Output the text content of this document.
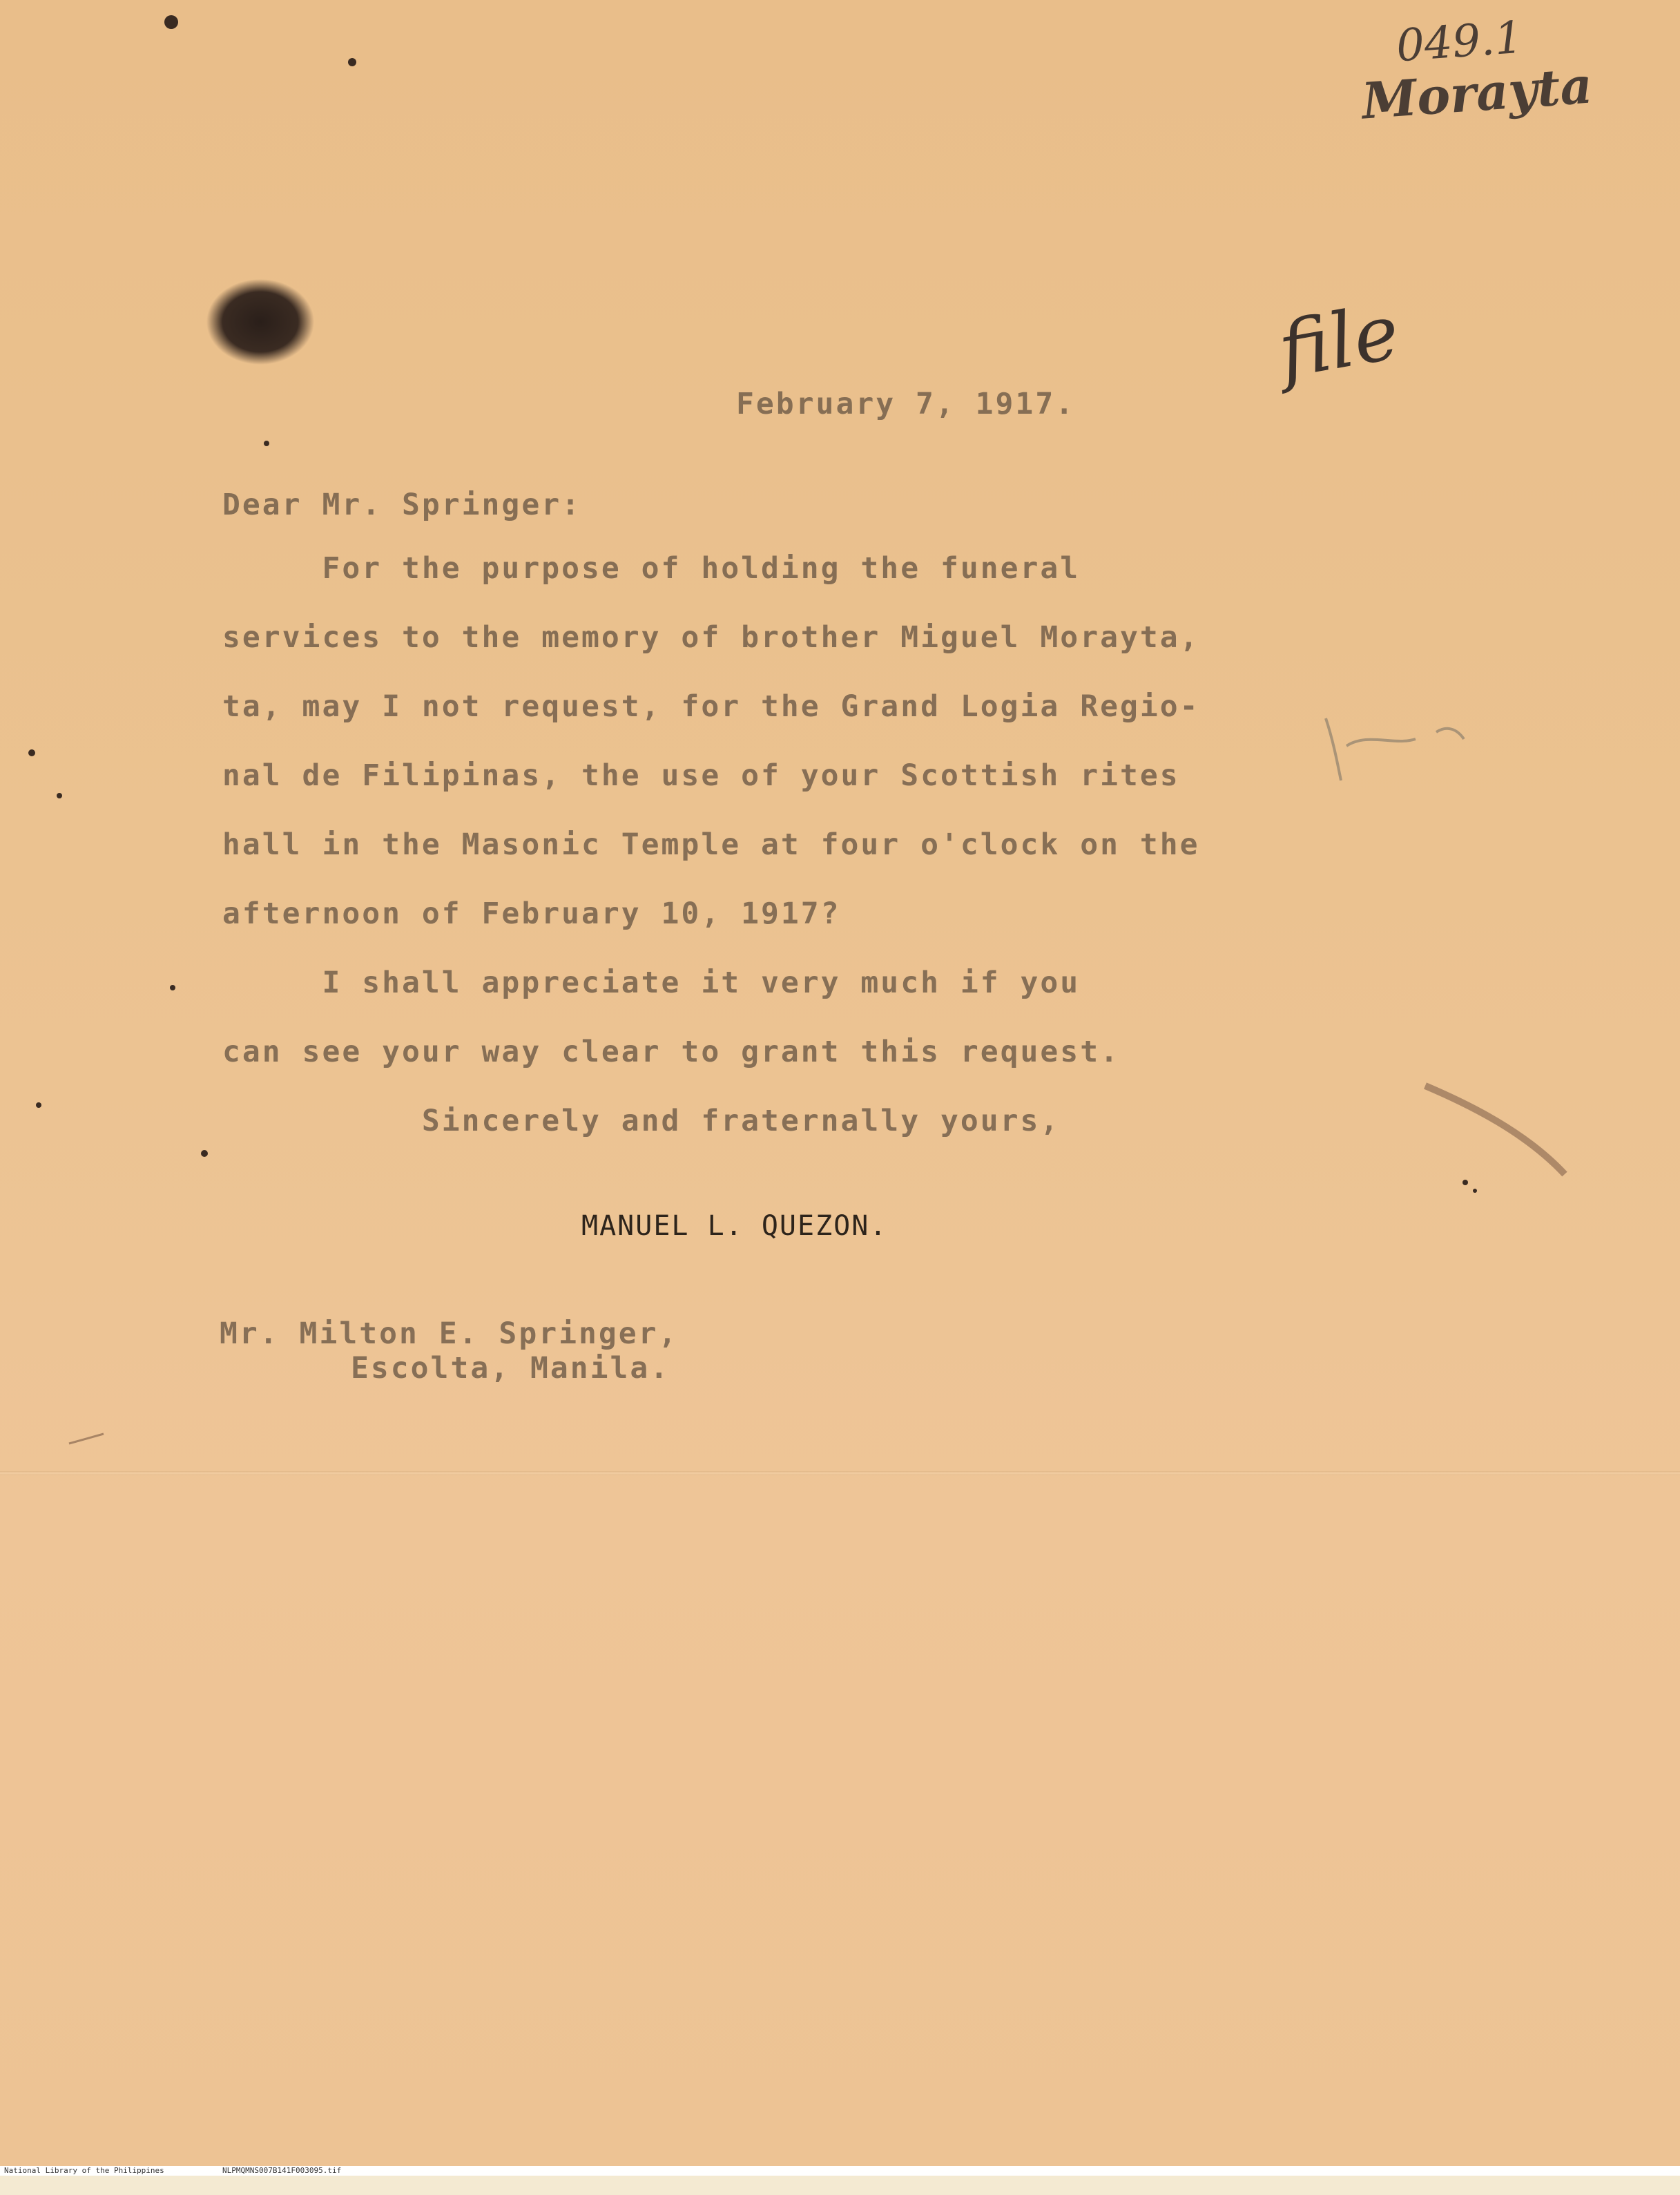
049.1
Morayta
file
February 7, 1917.
Dear Mr. Springer:
For the purpose of holding the funeral
services to the memory of brother Miguel Morayta,
ta, may I not request, for the Grand Logia Regio-
nal de Filipinas, the use of your Scottish rites
hall in the Masonic Temple at four o'clock on the
afternoon of February 10, 1917?
I shall appreciate it very much if you
can see your way clear to grant this request.
Sincerely and fraternally yours,
MANUEL L. QUEZON.
Mr. Milton E. Springer,
Escolta, Manila.

National Library of the Philippines

	NLPMQMNS007B141F003095.tif
